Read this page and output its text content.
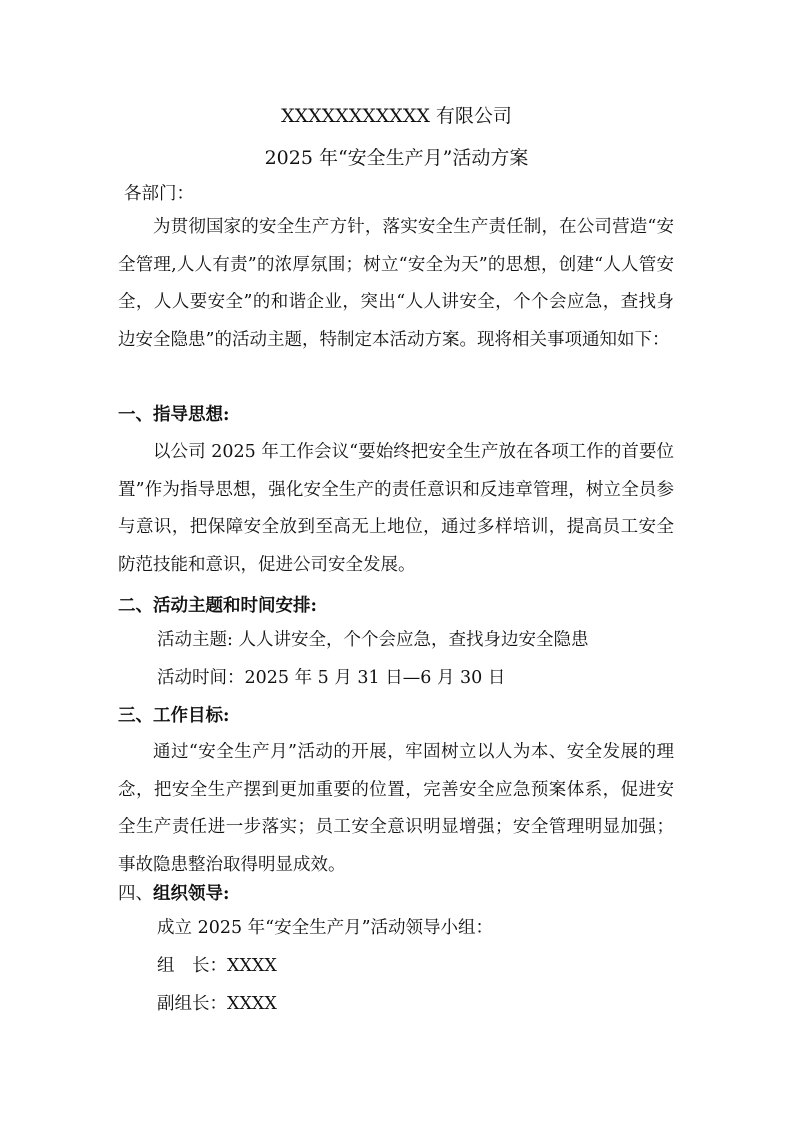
XXXXXXXXXXX 有限公司
2025 年“安全生产月”活动方案
各部门：

为贯彻国家的安全生产方针，落实安全生产责任制，在公司营造“安全管理,人人有责”的浓厚氛围；树立“安全为天”的思想，创建“人人管安全，人人要安全”的和谐企业，突出“人人讲安全，个个会应急，查找身边安全隐患”的活动主题，特制定本活动方案。现将相关事项通知如下：

一、指导思想:

以公司 2025 年工作会议“要始终把安全生产放在各项工作的首要位置”作为指导思想，强化安全生产的责任意识和反违章管理，树立全员参与意识，把保障安全放到至高无上地位，通过多样培训，提高员工安全防范技能和意识，促进公司安全发展。

二、活动主题和时间安排:
活动主题: 人人讲安全，个个会应急，查找身边安全隐患
活动时间：2025 年 5 月 31 日—6 月 30 日
三、工作目标:

通过“安全生产月”活动的开展，牢固树立以人为本、安全发展的理念，把安全生产摆到更加重要的位置，完善安全应急预案体系，促进安全生产责任进一步落实；员工安全意识明显增强；安全管理明显加强；事故隐患整治取得明显成效。

四、组织领导:
成立 2025 年“安全生产月”活动领导小组：
组　长：XXXX
副组长：XXXX
